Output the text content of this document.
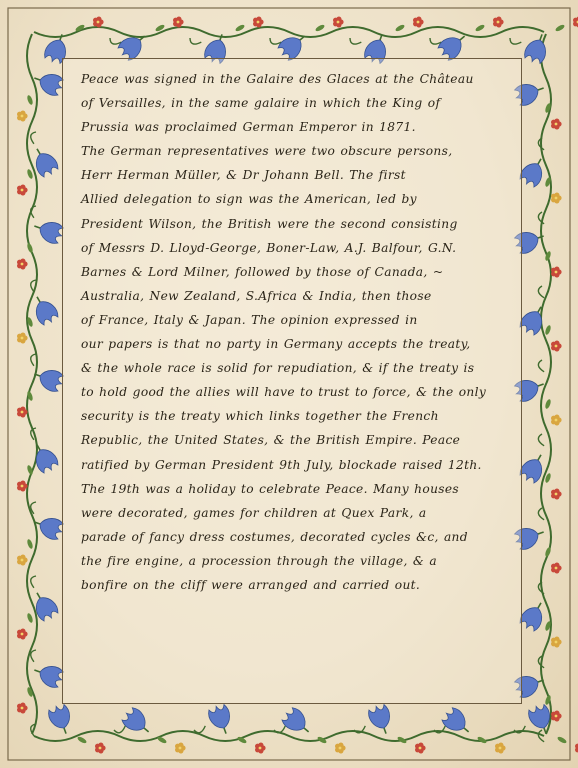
Peace was signed in the Galaire des Glaces at the Château
of Versailles, in the same galaire in which the King of
Prussia was proclaimed German Emperor in 1871.
The German representatives were two obscure persons,
Herr Herman Müller, & Dr Johann Bell. The first
Allied delegation to sign was the American, led by
President Wilson, the British were the second consisting
of Messrs D. Lloyd-George, Boner-Law, A.J. Balfour, G.N.
Barnes & Lord Milner, followed by those of Canada, ~
Australia, New Zealand, S.Africa & India, then those
of France, Italy & Japan. The opinion expressed in
our papers is that no party in Germany accepts the treaty,
& the whole race is solid for repudiation, & if the treaty is
to hold good the allies will have to trust to force, & the only
security is the treaty which links together the French
Republic, the United States, & the British Empire. Peace
ratified by German President 9th July, blockade raised 12th.
The 19th was a holiday to celebrate Peace. Many houses
were decorated, games for children at Quex Park, a
parade of fancy dress costumes, decorated cycles &c, and
the fire engine, a procession through the village, & a
bonfire on the cliff were arranged and carried out.
